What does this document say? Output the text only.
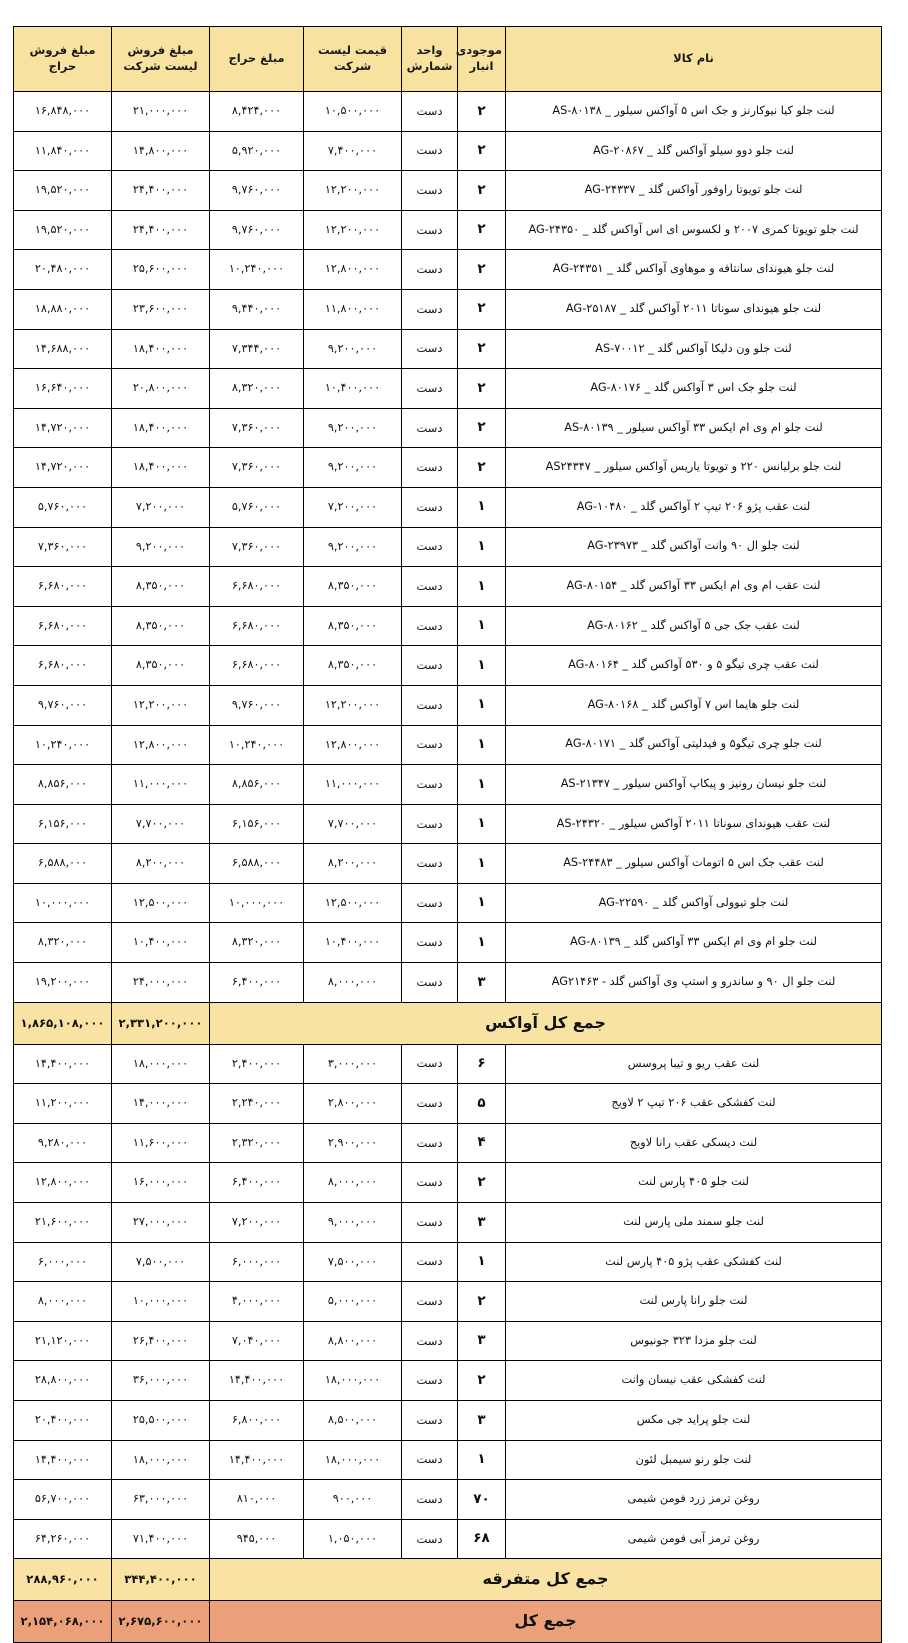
نام کالا	موجودی انبار	واحد شمارش	قیمت لیست شرکت	مبلغ حراج	مبلغ فروش لیست شرکت	مبلغ فروش حراج
لنت جلو کیا نیوکارنز و جک اس ۵ آواکس سیلور _ AS-۸۰۱۳۸	۲	دست	۱۰,۵۰۰,۰۰۰	۸,۴۲۴,۰۰۰	۲۱,۰۰۰,۰۰۰	۱۶,۸۴۸,۰۰۰
لنت جلو دوو سیلو آواکس گلد _ AG-۲۰۸۶۷	۲	دست	۷,۴۰۰,۰۰۰	۵,۹۲۰,۰۰۰	۱۴,۸۰۰,۰۰۰	۱۱,۸۴۰,۰۰۰
لنت جلو تویوتا راوفور آواکس گلد _ AG-۲۴۳۳۷	۲	دست	۱۲,۲۰۰,۰۰۰	۹,۷۶۰,۰۰۰	۲۴,۴۰۰,۰۰۰	۱۹,۵۲۰,۰۰۰
لنت جلو تویوتا کمری ۲۰۰۷ و لکسوس ای اس آواکس گلد _ AG-۲۴۳۵۰	۲	دست	۱۲,۲۰۰,۰۰۰	۹,۷۶۰,۰۰۰	۲۴,۴۰۰,۰۰۰	۱۹,۵۲۰,۰۰۰
لنت جلو هیوندای سانتافه و موهاوی آواکس گلد _ AG-۲۴۳۵۱	۲	دست	۱۲,۸۰۰,۰۰۰	۱۰,۲۴۰,۰۰۰	۲۵,۶۰۰,۰۰۰	۲۰,۴۸۰,۰۰۰
لنت جلو هیوندای سوناتا ۲۰۱۱ آواکس گلد _ AG-۲۵۱۸۷	۲	دست	۱۱,۸۰۰,۰۰۰	۹,۴۴۰,۰۰۰	۲۳,۶۰۰,۰۰۰	۱۸,۸۸۰,۰۰۰
لنت جلو ون دلیکا آواکس گلد _ AS-۷۰۰۱۲	۲	دست	۹,۲۰۰,۰۰۰	۷,۳۴۴,۰۰۰	۱۸,۴۰۰,۰۰۰	۱۴,۶۸۸,۰۰۰
لنت جلو جک اس ۳ آواکس گلد _ AG-۸۰۱۷۶	۲	دست	۱۰,۴۰۰,۰۰۰	۸,۳۲۰,۰۰۰	۲۰,۸۰۰,۰۰۰	۱۶,۶۴۰,۰۰۰
لنت جلو ام وی ام ایکس ۳۳ آواکس سیلور _ AS-۸۰۱۳۹	۲	دست	۹,۲۰۰,۰۰۰	۷,۳۶۰,۰۰۰	۱۸,۴۰۰,۰۰۰	۱۴,۷۲۰,۰۰۰
لنت جلو برلیانس ۲۲۰ و تویوتا یاریس آواکس سیلور _ AS۲۴۳۴۷	۲	دست	۹,۲۰۰,۰۰۰	۷,۳۶۰,۰۰۰	۱۸,۴۰۰,۰۰۰	۱۴,۷۲۰,۰۰۰
لنت عقب پژو ۲۰۶ تیپ ۲ آواکس گلد _ AG-۱۰۴۸۰	۱	دست	۷,۲۰۰,۰۰۰	۵,۷۶۰,۰۰۰	۷,۲۰۰,۰۰۰	۵,۷۶۰,۰۰۰
لنت جلو ال ۹۰ وانت آواکس گلد _ AG-۲۳۹۷۳	۱	دست	۹,۲۰۰,۰۰۰	۷,۳۶۰,۰۰۰	۹,۲۰۰,۰۰۰	۷,۳۶۰,۰۰۰
لنت عقب ام وی ام ایکس ۳۳ آواکس گلد _ AG-۸۰۱۵۴	۱	دست	۸,۳۵۰,۰۰۰	۶,۶۸۰,۰۰۰	۸,۳۵۰,۰۰۰	۶,۶۸۰,۰۰۰
لنت عقب جک جی ۵ آواکس گلد _ AG-۸۰۱۶۲	۱	دست	۸,۳۵۰,۰۰۰	۶,۶۸۰,۰۰۰	۸,۳۵۰,۰۰۰	۶,۶۸۰,۰۰۰
لنت عقب چری تیگو ۵ و ۵۳۰ آواکس گلد _ AG-۸۰۱۶۴	۱	دست	۸,۳۵۰,۰۰۰	۶,۶۸۰,۰۰۰	۸,۳۵۰,۰۰۰	۶,۶۸۰,۰۰۰
لنت جلو هایما اس ۷ آواکس گلد _ AG-۸۰۱۶۸	۱	دست	۱۲,۲۰۰,۰۰۰	۹,۷۶۰,۰۰۰	۱۲,۲۰۰,۰۰۰	۹,۷۶۰,۰۰۰
لنت جلو چری تیگو۵ و فیدلیتی آواکس گلد _ AG-۸۰۱۷۱	۱	دست	۱۲,۸۰۰,۰۰۰	۱۰,۲۴۰,۰۰۰	۱۲,۸۰۰,۰۰۰	۱۰,۲۴۰,۰۰۰
لنت جلو نیسان رونیز و پیکاپ آواکس سیلور _ AS-۲۱۳۴۷	۱	دست	۱۱,۰۰۰,۰۰۰	۸,۸۵۶,۰۰۰	۱۱,۰۰۰,۰۰۰	۸,۸۵۶,۰۰۰
لنت عقب هیوندای سوناتا ۲۰۱۱ آواکس سیلور _ AS-۲۴۳۲۰	۱	دست	۷,۷۰۰,۰۰۰	۶,۱۵۶,۰۰۰	۷,۷۰۰,۰۰۰	۶,۱۵۶,۰۰۰
لنت عقب جک اس ۵ اتومات آواکس سیلور _ AS-۲۴۴۸۳	۱	دست	۸,۲۰۰,۰۰۰	۶,۵۸۸,۰۰۰	۸,۲۰۰,۰۰۰	۶,۵۸۸,۰۰۰
لنت جلو تیوولی آواکس گلد _ AG-۲۲۵۹۰	۱	دست	۱۲,۵۰۰,۰۰۰	۱۰,۰۰۰,۰۰۰	۱۲,۵۰۰,۰۰۰	۱۰,۰۰۰,۰۰۰
لنت جلو ام وی ام ایکس ۳۳ آواکس گلد _ AG-۸۰۱۳۹	۱	دست	۱۰,۴۰۰,۰۰۰	۸,۳۲۰,۰۰۰	۱۰,۴۰۰,۰۰۰	۸,۳۲۰,۰۰۰
لنت جلو ال ۹۰ و ساندرو و استپ وی آواکس گلد - AG۲۱۴۶۳	۳	دست	۸,۰۰۰,۰۰۰	۶,۴۰۰,۰۰۰	۲۴,۰۰۰,۰۰۰	۱۹,۲۰۰,۰۰۰
جمع کل آواکس					۲,۳۳۱,۲۰۰,۰۰۰	۱,۸۶۵,۱۰۸,۰۰۰
لنت عقب ریو و تیبا پروسس	۶	دست	۳,۰۰۰,۰۰۰	۲,۴۰۰,۰۰۰	۱۸,۰۰۰,۰۰۰	۱۴,۴۰۰,۰۰۰
لنت کفشکی عقب ۲۰۶ تیپ ۲ لاویج	۵	دست	۲,۸۰۰,۰۰۰	۲,۲۴۰,۰۰۰	۱۴,۰۰۰,۰۰۰	۱۱,۲۰۰,۰۰۰
لنت دیسکی عقب رانا لاویج	۴	دست	۲,۹۰۰,۰۰۰	۲,۳۲۰,۰۰۰	۱۱,۶۰۰,۰۰۰	۹,۲۸۰,۰۰۰
لنت جلو ۴۰۵ پارس لنت	۲	دست	۸,۰۰۰,۰۰۰	۶,۴۰۰,۰۰۰	۱۶,۰۰۰,۰۰۰	۱۲,۸۰۰,۰۰۰
لنت جلو سمند ملی پارس لنت	۳	دست	۹,۰۰۰,۰۰۰	۷,۲۰۰,۰۰۰	۲۷,۰۰۰,۰۰۰	۲۱,۶۰۰,۰۰۰
لنت کفشکی عقب پژو ۴۰۵ پارس لنت	۱	دست	۷,۵۰۰,۰۰۰	۶,۰۰۰,۰۰۰	۷,۵۰۰,۰۰۰	۶,۰۰۰,۰۰۰
لنت جلو رانا پارس لنت	۲	دست	۵,۰۰۰,۰۰۰	۴,۰۰۰,۰۰۰	۱۰,۰۰۰,۰۰۰	۸,۰۰۰,۰۰۰
لنت جلو مزدا ۳۲۳ جونیوس	۳	دست	۸,۸۰۰,۰۰۰	۷,۰۴۰,۰۰۰	۲۶,۴۰۰,۰۰۰	۲۱,۱۲۰,۰۰۰
لنت کفشکی عقب نیسان وانت	۲	دست	۱۸,۰۰۰,۰۰۰	۱۴,۴۰۰,۰۰۰	۳۶,۰۰۰,۰۰۰	۲۸,۸۰۰,۰۰۰
لنت جلو پراید جی مکس	۳	دست	۸,۵۰۰,۰۰۰	۶,۸۰۰,۰۰۰	۲۵,۵۰۰,۰۰۰	۲۰,۴۰۰,۰۰۰
لنت جلو رنو سیمبل لئون	۱	دست	۱۸,۰۰۰,۰۰۰	۱۴,۴۰۰,۰۰۰	۱۸,۰۰۰,۰۰۰	۱۴,۴۰۰,۰۰۰
روغن ترمز زرد فومن شیمی	۷۰	دست	۹۰۰,۰۰۰	۸۱۰,۰۰۰	۶۳,۰۰۰,۰۰۰	۵۶,۷۰۰,۰۰۰
روغن ترمز آبی فومن شیمی	۶۸	دست	۱,۰۵۰,۰۰۰	۹۴۵,۰۰۰	۷۱,۴۰۰,۰۰۰	۶۴,۲۶۰,۰۰۰
جمع کل متفرقه					۳۴۴,۴۰۰,۰۰۰	۲۸۸,۹۶۰,۰۰۰
جمع کل					۲,۶۷۵,۶۰۰,۰۰۰	۲,۱۵۴,۰۶۸,۰۰۰
